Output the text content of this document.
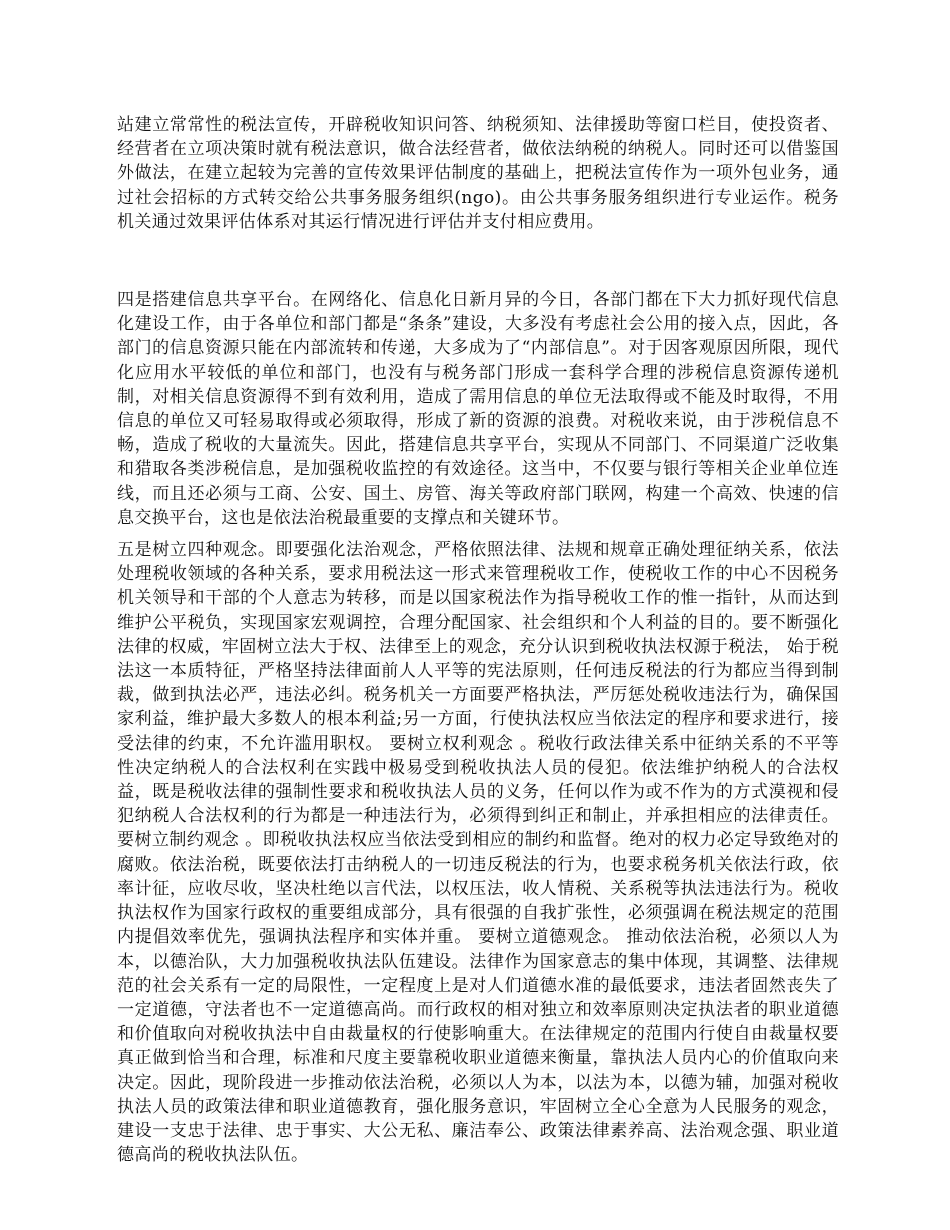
站建立常常性的税法宣传，开辟税收知识问答、纳税须知、法律援助等窗口栏目，使投资者、经营者在立项决策时就有税法意识，做合法经营者，做依法纳税的纳税人。同时还可以借鉴国外做法，在建立起较为完善的宣传效果评估制度的基础上，把税法宣传作为一项外包业务，通过社会招标的方式转交给公共事务服务组织(ngo)。由公共事务服务组织进行专业运作。税务机关通过效果评估体系对其运行情况进行评估并支付相应费用。

四是搭建信息共享平台。在网络化、信息化日新月异的今日，各部门都在下大力抓好现代信息化建设工作，由于各单位和部门都是“条条”建设，大多没有考虑社会公用的接入点，因此，各部门的信息资源只能在内部流转和传递，大多成为了“内部信息”。对于因客观原因所限，现代化应用水平较低的单位和部门，也没有与税务部门形成一套科学合理的涉税信息资源传递机制，对相关信息资源得不到有效利用，造成了需用信息的单位无法取得或不能及时取得，不用信息的单位又可轻易取得或必须取得，形成了新的资源的浪费。对税收来说，由于涉税信息不畅，造成了税收的大量流失。因此，搭建信息共享平台，实现从不同部门、不同渠道广泛收集和猎取各类涉税信息，是加强税收监控的有效途径。这当中，不仅要与银行等相关企业单位连线，而且还必须与工商、公安、国土、房管、海关等政府部门联网，构建一个高效、快速的信息交换平台，这也是依法治税最重要的支撑点和关键环节。

五是树立四种观念。即要强化法治观念，严格依照法律、法规和规章正确处理征纳关系，依法处理税收领域的各种关系，要求用税法这一形式来管理税收工作，使税收工作的中心不因税务机关领导和干部的个人意志为转移，而是以国家税法作为指导税收工作的惟一指针，从而达到维护公平税负，实现国家宏观调控，合理分配国家、社会组织和个人利益的目的。要不断强化法律的权威，牢固树立法大于权、法律至上的观念，充分认识到税收执法权源于税法， 始于税法这一本质特征，严格坚持法律面前人人平等的宪法原则，任何违反税法的行为都应当得到制裁，做到执法必严，违法必纠。税务机关一方面要严格执法，严厉惩处税收违法行为，确保国家利益，维护最大多数人的根本利益;另一方面，行使执法权应当依法定的程序和要求进行，接受法律的约束，不允许滥用职权。 要树立权利观念 。税收行政法律关系中征纳关系的不平等性决定纳税人的合法权利在实践中极易受到税收执法人员的侵犯。依法维护纳税人的合法权益，既是税收法律的强制性要求和税收执法人员的义务，任何以作为或不作为的方式漠视和侵犯纳税人合法权利的行为都是一种违法行为，必须得到纠正和制止，并承担相应的法律责任。 要树立制约观念 。即税收执法权应当依法受到相应的制约和监督。绝对的权力必定导致绝对的腐败。依法治税，既要依法打击纳税人的一切违反税法的行为，也要求税务机关依法行政，依率计征，应收尽收，坚决杜绝以言代法，以权压法，收人情税、关系税等执法违法行为。税收执法权作为国家行政权的重要组成部分，具有很强的自我扩张性，必须强调在税法规定的范围内提倡效率优先，强调执法程序和实体并重。 要树立道德观念。 推动依法治税，必须以人为本，以德治队，大力加强税收执法队伍建设。法律作为国家意志的集中体现，其调整、法律规范的社会关系有一定的局限性，一定程度上是对人们道德水准的最低要求，违法者固然丧失了一定道德，守法者也不一定道德高尚。而行政权的相对独立和效率原则决定执法者的职业道德和价值取向对税收执法中自由裁量权的行使影响重大。在法律规定的范围内行使自由裁量权要真正做到恰当和合理，标准和尺度主要靠税收职业道德来衡量，靠执法人员内心的价值取向来决定。因此，现阶段进一步推动依法治税，必须以人为本，以法为本，以德为辅，加强对税收执法人员的政策法律和职业道德教育，强化服务意识，牢固树立全心全意为人民服务的观念，建设一支忠于法律、忠于事实、大公无私、廉洁奉公、政策法律素养高、法治观念强、职业道德高尚的税收执法队伍。
